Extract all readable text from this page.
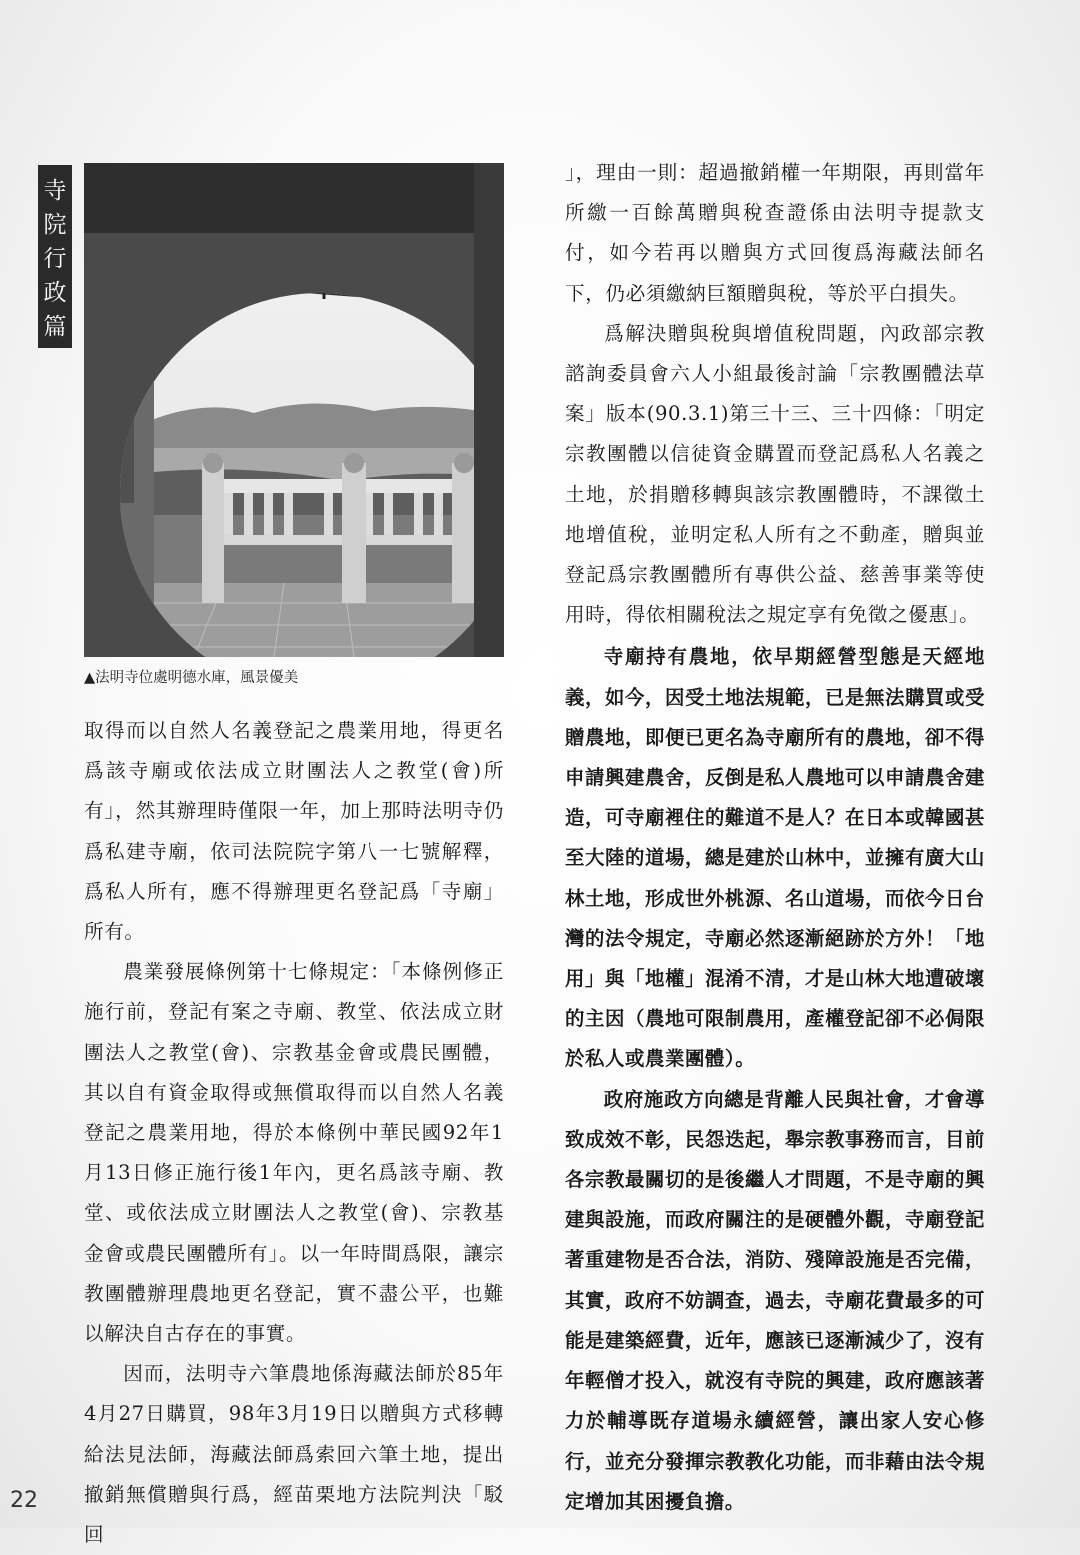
寺
院
行
政
篇
▲法明寺位處明德水庫，風景優美

取得而以自然人名義登記之農業用地，得更名爲該寺廟或依法成立財團法人之教堂(會)所有」，然其辦理時僅限一年，加上那時法明寺仍爲私建寺廟，依司法院院字第八一七號解釋，爲私人所有，應不得辦理更名登記爲「寺廟」所有。

農業發展條例第十七條規定：「本條例修正施行前，登記有案之寺廟、教堂、依法成立財團法人之教堂(會)、宗教基金會或農民團體，其以自有資金取得或無償取得而以自然人名義登記之農業用地，得於本條例中華民國92年1月13日修正施行後1年內，更名爲該寺廟、教堂、或依法成立財團法人之教堂(會)、宗教基金會或農民團體所有」。以一年時間爲限，讓宗教團體辦理農地更名登記，實不盡公平，也難以解決自古存在的事實。

因而，法明寺六筆農地係海藏法師於85年4月27日購買，98年3月19日以贈與方式移轉給法見法師，海藏法師爲索回六筆土地，提出撤銷無償贈與行爲，經苗栗地方法院判決「駁回

」，理由一則：超過撤銷權一年期限，再則當年所繳一百餘萬贈與稅查證係由法明寺提款支付，如今若再以贈與方式回復爲海藏法師名下，仍必須繳納巨額贈與稅，等於平白損失。

爲解決贈與稅與增值稅問題，內政部宗教諮詢委員會六人小組最後討論「宗教團體法草案」版本(90.3.1)第三十三、三十四條：「明定宗教團體以信徒資金購置而登記爲私人名義之土地，於捐贈移轉與該宗教團體時，不課徵土地增值稅，並明定私人所有之不動產，贈與並登記爲宗教團體所有專供公益、慈善事業等使用時，得依相關稅法之規定享有免徵之優惠」。

寺廟持有農地，依早期經營型態是天經地義，如今，因受土地法規範，已是無法購買或受贈農地，即便已更名為寺廟所有的農地，卻不得申請興建農舍，反倒是私人農地可以申請農舍建造，可寺廟裡住的難道不是人？在日本或韓國甚至大陸的道場，總是建於山林中，並擁有廣大山林土地，形成世外桃源、名山道場，而依今日台灣的法令規定，寺廟必然逐漸絕跡於方外！「地用」與「地權」混淆不清，才是山林大地遭破壞的主因（農地可限制農用，產權登記卻不必侷限於私人或農業團體）。

政府施政方向總是背離人民與社會，才會導致成效不彰，民怨迭起，舉宗教事務而言，目前各宗教最關切的是後繼人才問題，不是寺廟的興建與設施，而政府關注的是硬體外觀，寺廟登記著重建物是否合法，消防、殘障設施是否完備，其實，政府不妨調查，過去，寺廟花費最多的可能是建築經費，近年，應該已逐漸減少了，沒有年輕僧才投入，就沒有寺院的興建，政府應該著力於輔導既存道場永續經營，讓出家人安心修行，並充分發揮宗教教化功能，而非藉由法令規定增加其困擾負擔。

22
